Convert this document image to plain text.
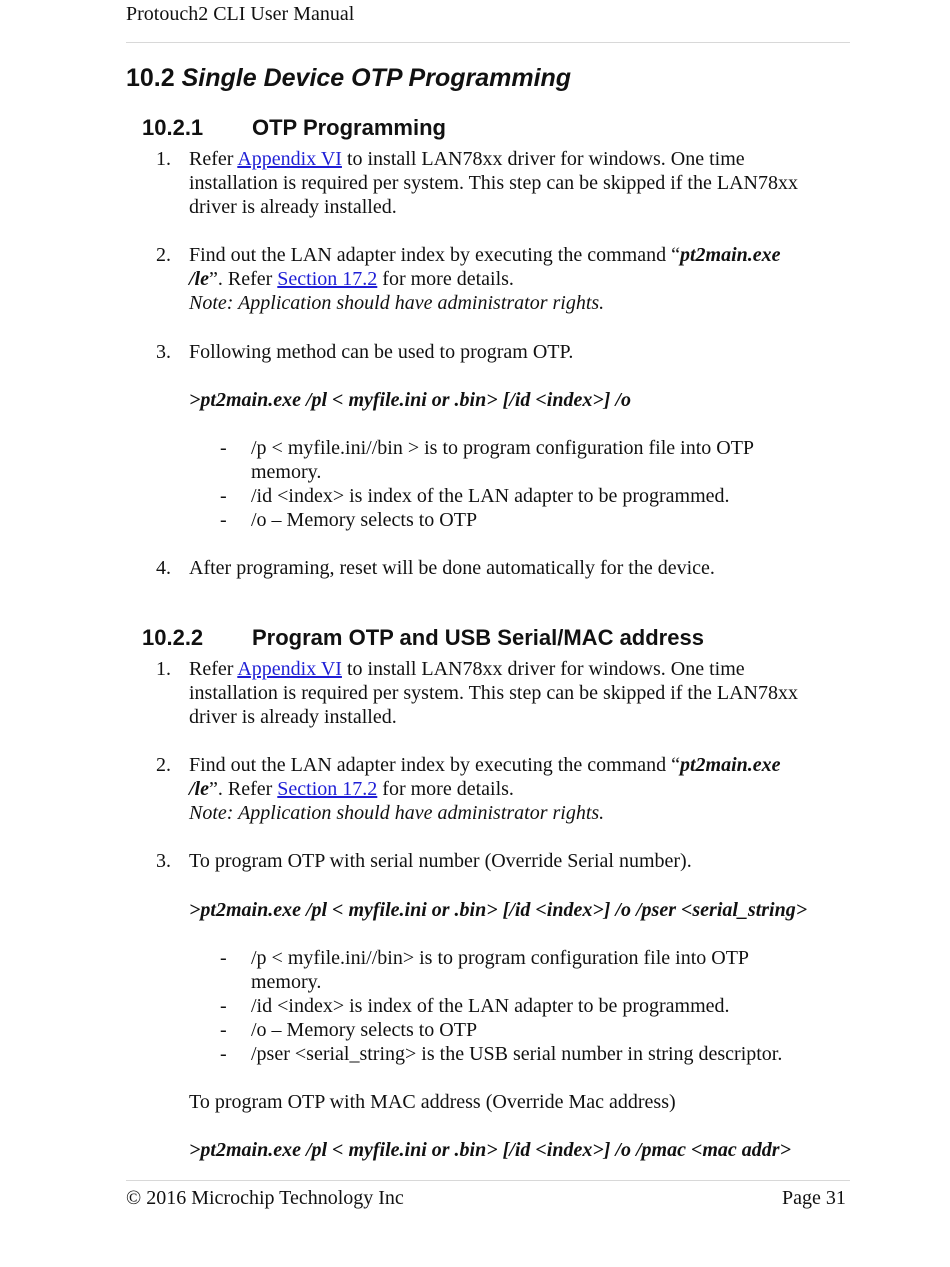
Protouch2 CLI User Manual
10.2 Single Device OTP Programming
10.2.1 OTP Programming
1. Refer Appendix VI to install LAN78xx driver for windows. One time
installation is required per system. This step can be skipped if the LAN78xx
driver is already installed.
2. Find out the LAN adapter index by executing the command “pt2main.exe
/le”. Refer Section 17.2 for more details.
Note: Application should have administrator rights.
3. Following method can be used to program OTP.
>pt2main.exe /pl < myfile.ini or .bin> [/id <index>] /o
- /p < myfile.ini//bin > is to program configuration file into OTP
memory.
- /id <index> is index of the LAN adapter to be programmed.
- /o – Memory selects to OTP
4. After programing, reset will be done automatically for the device.
10.2.2 Program OTP and USB Serial/MAC address
1. Refer Appendix VI to install LAN78xx driver for windows. One time
installation is required per system. This step can be skipped if the LAN78xx
driver is already installed.
2. Find out the LAN adapter index by executing the command “pt2main.exe
/le”. Refer Section 17.2 for more details.
Note: Application should have administrator rights.
3. To program OTP with serial number (Override Serial number).
>pt2main.exe /pl < myfile.ini or .bin> [/id <index>] /o /pser <serial_string>
- /p < myfile.ini//bin> is to program configuration file into OTP
memory.
- /id <index> is index of the LAN adapter to be programmed.
- /o – Memory selects to OTP
- /pser <serial_string> is the USB serial number in string descriptor.
To program OTP with MAC address (Override Mac address)
>pt2main.exe /pl < myfile.ini or .bin> [/id <index>] /o /pmac <mac addr>
© 2016 Microchip Technology Inc	Page 31
